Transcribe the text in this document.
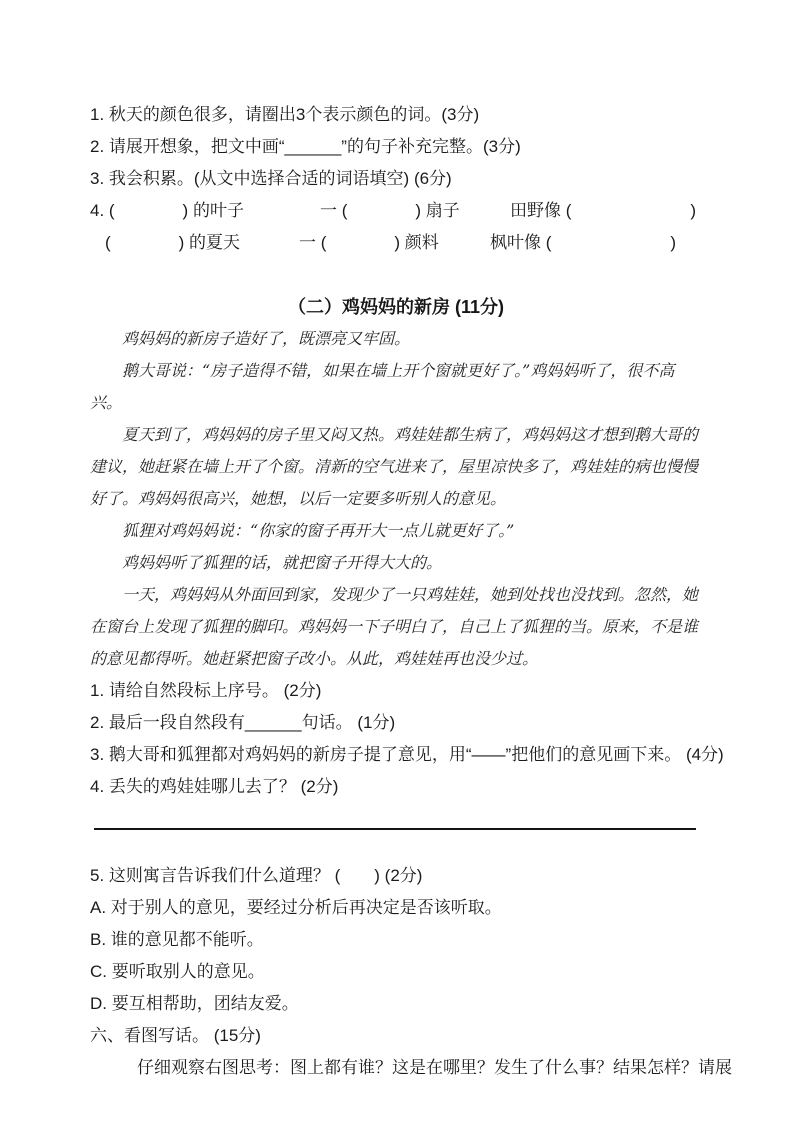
1. 秋天的颜色很多，请圈出3个表示颜色的词。(3分)
2. 请展开想象，把文中画“______”的句子补充完整。(3分)
3. 我会积累。(从文中选择合适的词语填空) (6分)
4. (　　　　) 的叶子	一 (　　　　) 扇子	田野像 (　　　　　　　)
(　　　　) 的夏天	一 (　　　　) 颜料	枫叶像 (　　　　　　　)
（二）鸡妈妈的新房 (11分)
鸡妈妈的新房子造好了，既漂亮又牢固。
鹅大哥说：“房子造得不错，如果在墙上开个窗就更好了。”鸡妈妈听了，很不高
兴。
夏天到了，鸡妈妈的房子里又闷又热。鸡娃娃都生病了，鸡妈妈这才想到鹅大哥的
建议，她赶紧在墙上开了个窗。清新的空气进来了，屋里凉快多了，鸡娃娃的病也慢慢
好了。鸡妈妈很高兴，她想，以后一定要多听别人的意见。
狐狸对鸡妈妈说：“你家的窗子再开大一点儿就更好了。”
鸡妈妈听了狐狸的话，就把窗子开得大大的。
一天，鸡妈妈从外面回到家，发现少了一只鸡娃娃，她到处找也没找到。忽然，她
在窗台上发现了狐狸的脚印。鸡妈妈一下子明白了，自己上了狐狸的当。原来，不是谁
的意见都得听。她赶紧把窗子改小。从此，鸡娃娃再也没少过。
1. 请给自然段标上序号。 (2分)
2. 最后一段自然段有______句话。 (1分)
3. 鹅大哥和狐狸都对鸡妈妈的新房子提了意见，用“——”把他们的意见画下来。 (4分)
4. 丢失的鸡娃娃哪儿去了？ (2分)
5. 这则寓言告诉我们什么道理？ (　　) (2分)
A. 对于别人的意见，要经过分析后再决定是否该听取。
B. 谁的意见都不能听。
C. 要听取别人的意见。
D. 要互相帮助，团结友爱。
六、看图写话。 (15分)
仔细观察右图思考：图上都有谁？这是在哪里？发生了什么事？结果怎样？请展
